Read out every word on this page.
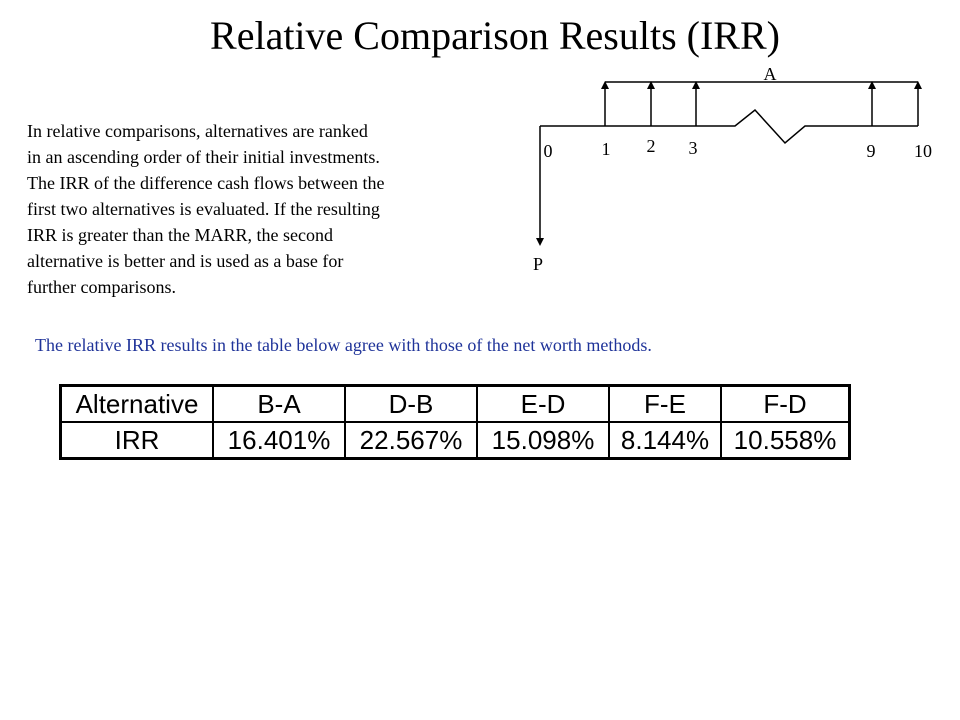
Relative Comparison Results (IRR)
In relative comparisons, alternatives are ranked
in an ascending order of their initial investments.
The IRR of the difference cash flows between the
first two alternatives is evaluated. If the resulting
IRR is greater than the MARR, the second
alternative is better and is used as a base for
further comparisons.
A
P
0	1 2 3	9 10
The relative IRR results in the table below agree with those of the net worth methods.
Alternative	B-A	D-B	E-D	F-E	F-D
IRR	16.401%	22.567%	15.098%	8.144%	10.558%
